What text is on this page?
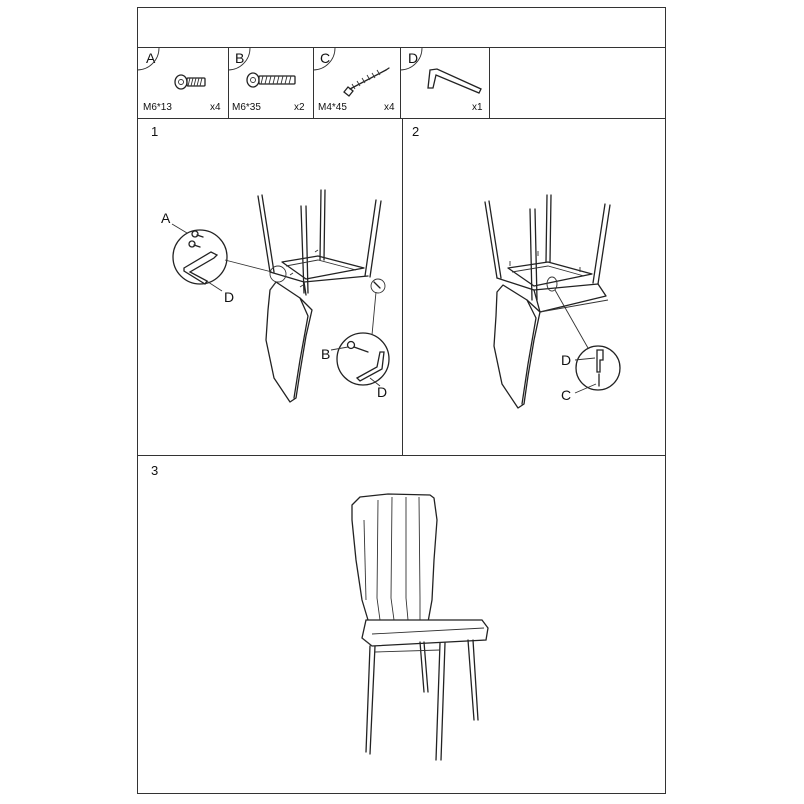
A
M6*13	x4
B
M6*35	x2
C
M4*45	x4
D
x1
1	2
3
A
D
B
D
D
C
